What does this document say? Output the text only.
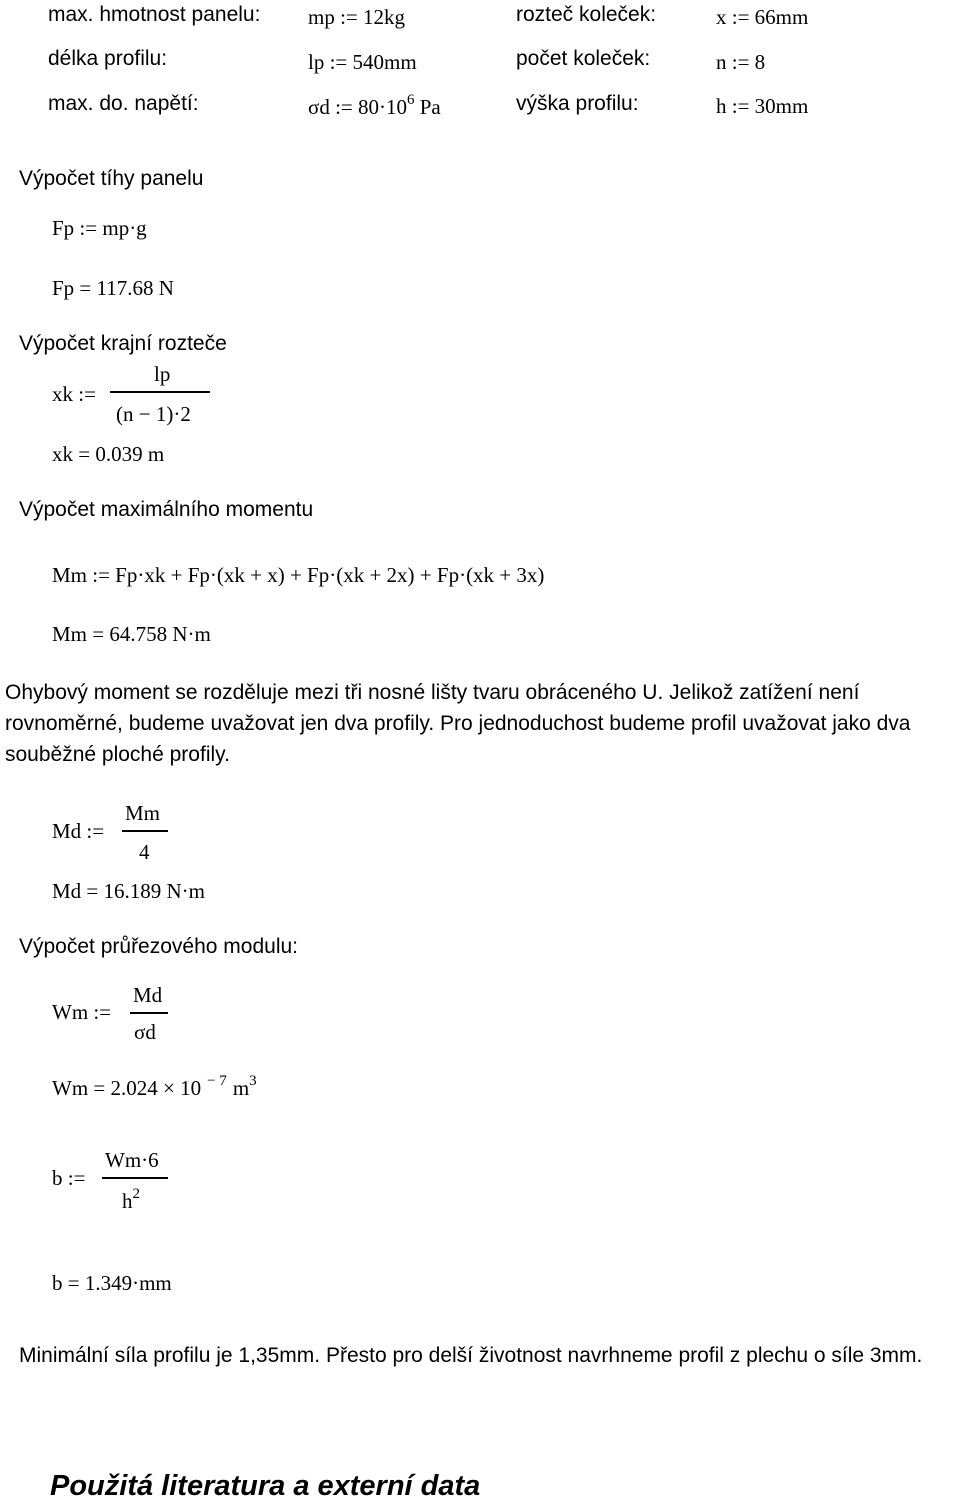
max. hmotnost panelu: mp := 12kg	rozteč koleček:	x := 66mm
délka profilu:	lp := 540mm	počet koleček:	n := 8
max. do. napětí:	σd := $80\cdot 10^6$ Pa	výška profilu:	h := 30mm
Výpočet tíhy panelu
Fp := mp·g
Fp = 117.68 N
Výpočet krajní rozteče
xk :=
lp
(n − 1)·2
xk = 0.039 m
Výpočet maximálního momentu
Mm := Fp·xk + Fp·(xk + x) + Fp·(xk + 2x) + Fp·(xk + 3x)
Mm = 64.758 N·m
Ohybový moment se rozděluje mezi tři nosné lišty tvaru obráceného U. Jelikož zatížení není rovnoměrné, budeme uvažovat jen dva profily. Pro jednoduchost budeme profil uvažovat jako dva souběžné ploché profily.
Md :=
Mm
4
Md = 16.189 N·m
Výpočet průřezového modulu:
Wm :=
Md
σd
Wm = 2.024 × 10 $^{- 7}$ $m^3$
b :=
Wm·6
$h^2$
b = 1.349·mm
Minimální síla profilu je 1,35mm. Přesto pro delší životnost navrhneme profil z plechu o síle 3mm.
Použitá literatura a externí data
